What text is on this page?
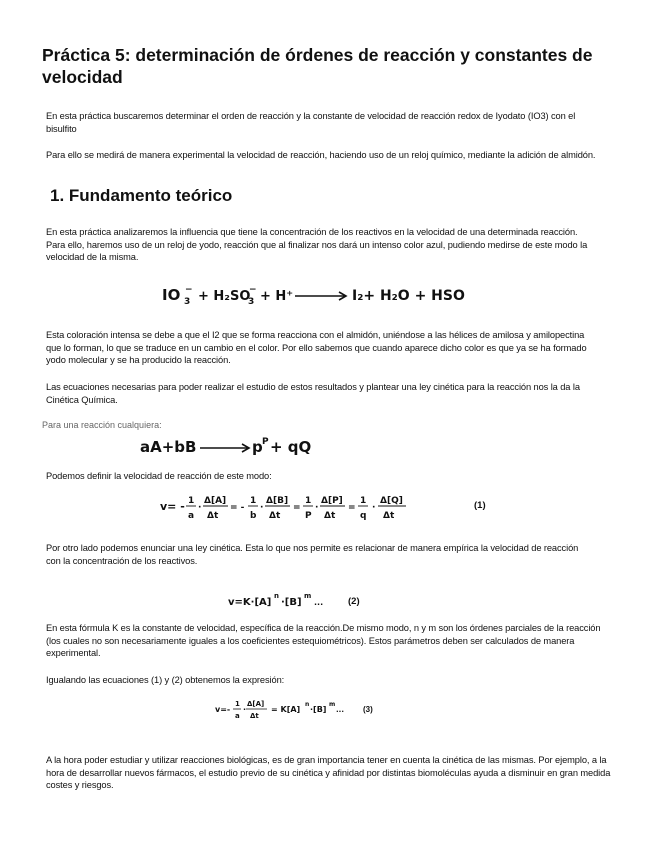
Práctica 5: determinación de órdenes de reacción y constantes de velocidad
En esta práctica buscaremos determinar el orden de reacción y la constante de velocidad de reacción redox de Iyodato (IO3) con el bisulfito
Para ello se medirá de manera experimental la velocidad de reacción, haciendo uso de un reloj químico, mediante la adición de almidón.
1. Fundamento teórico
En esta práctica analizaremos la influencia que tiene la concentración de los reactivos en la velocidad de una determinada reacción. Para ello, haremos uso de un reloj de yodo, reacción que al finalizar nos dará un intenso color azul, pudiendo medirse de este modo la velocidad de la misma.
IO 3
− + H₂SO
3
− + H⁺	I₂+ H₂O + HSO
Esta coloración intensa se debe a que el I2 que se forma reacciona con el almidón, uniéndose a las hélices de amilosa y amilopectina que lo forman, lo que se traduce en un cambio en el color. Por ello sabemos que cuando aparece dicho color es que ya se ha formado yodo molecular y se ha producido la reacción.
Las ecuaciones necesarias para poder realizar el estudio de estos resultados y plantear una ley cinética para la reacción nos la da la Cinética Química.
Para una reacción cualquiera:
aA+bB	p P + qQ
Podemos definir la velocidad de reacción de este modo:
v= - 1
a
·
Δ[A]
Δt
= -
1
b
·
Δ[B]
Δt
=
1
P
·
Δ[P]
Δt
=
1
q
·
Δ[Q]
Δt
(1)
Por otro lado podemos enunciar una ley cinética. Esta lo que nos permite es relacionar de manera empírica la velocidad de reacción con la concentración de los reactivos.
v=K·[A]
n
·[B]
m
...	(2)
En esta fórmula K es la constante de velocidad, específica de la reacción.De mismo modo, n y m son los órdenes parciales de la reacción (los cuales no son necesariamente iguales a los coeficientes estequiométricos). Estos parámetros deben ser calculados de manera experimental.
Igualando las ecuaciones (1) y (2) obtenemos la expresión:
v=-
1
a
·
Δ[A]
Δt
= K[A]
n
·[B]
m
... (3)
A la hora poder estudiar y utilizar reacciones biológicas, es de gran importancia tener en cuenta la cinética de las mismas. Por ejemplo, a la hora de desarrollar nuevos fármacos, el estudio previo de su cinética y afinidad por distintas biomoléculas ayuda a disminuir en gran medida costes y riesgos.
